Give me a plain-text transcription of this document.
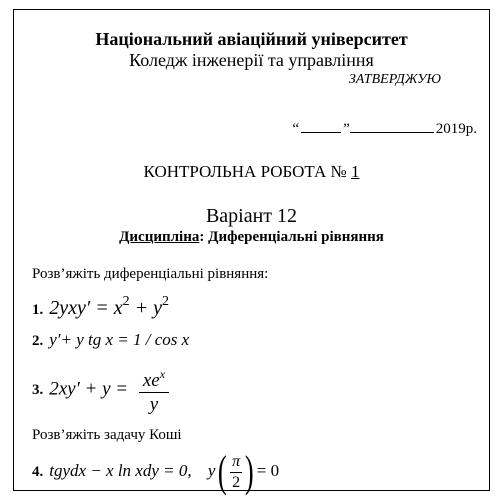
Національний авіаційний університет
Коледж інженерії та управління
ЗАТВЕРДЖУЮ
“	”	2019р.
КОНТРОЛЬНА РОБОТА № 1
Варіант 12
Дисципліна: Диференціальні рівняння
Розв’яжіть диференціальні рівняння:
1. $2yxy' = x^2 + y^2$
2. y′+ y tg x = 1 / cos x
3. $2xy' + y = \frac{xe^x}{y}$
Розв’яжіть задачу Коші
4. tgydx − x ln xdy = 0, $y( \frac{\pi}{2}$ ) = 0
